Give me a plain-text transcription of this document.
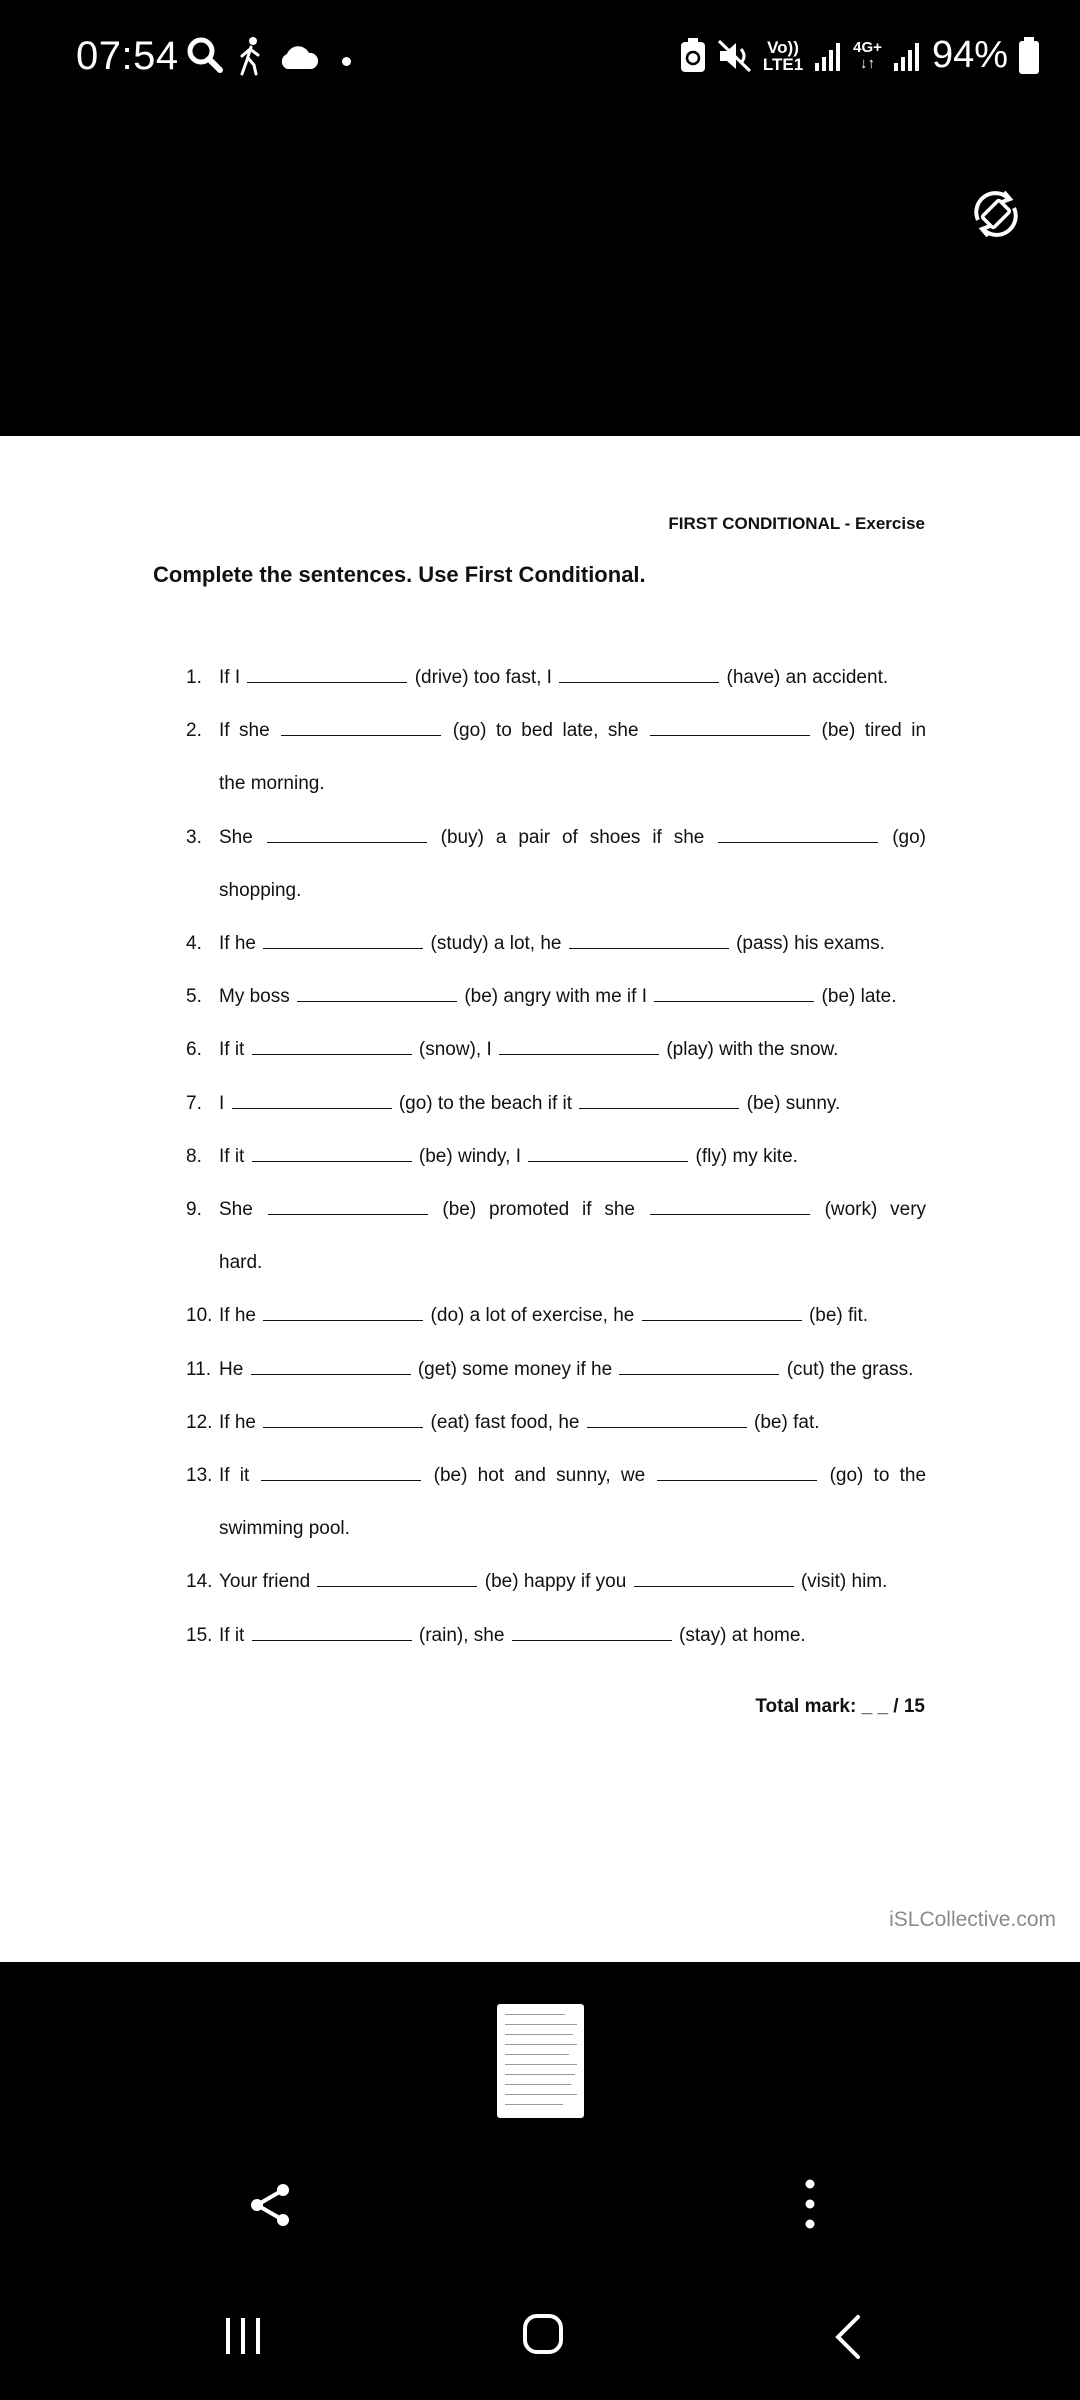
07:54	Vo))
LTE1
4G+
↓↑ 94%
FIRST CONDITIONAL - Exercise
Complete the sentences. Use First Conditional.
1. If I	(drive) too fast, I	(have) an accident.
2. If she	(go) to bed late, she	(be) tired in
the morning.
3. She	(buy) a pair of shoes if she	(go)
shopping.
4. If he	(study) a lot, he	(pass) his exams.
5. My boss	(be) angry with me if I	(be) late.
6. If it	(snow), I	(play) with the snow.
7. I	(go) to the beach if it	(be) sunny.
8. If it	(be) windy, I	(fly) my kite.
9. She	(be) promoted if she	(work) very
hard.
10. If he	(do) a lot of exercise, he	(be) fit.
11. He	(get) some money if he	(cut) the grass.
12. If he	(eat) fast food, he	(be) fat.
13. If it	(be) hot and sunny, we	(go) to the
swimming pool.
14. Your friend	(be) happy if you	(visit) him.
15. If it	(rain), she	(stay) at home.
Total mark: _ _ / 15
iSLCollective.com
